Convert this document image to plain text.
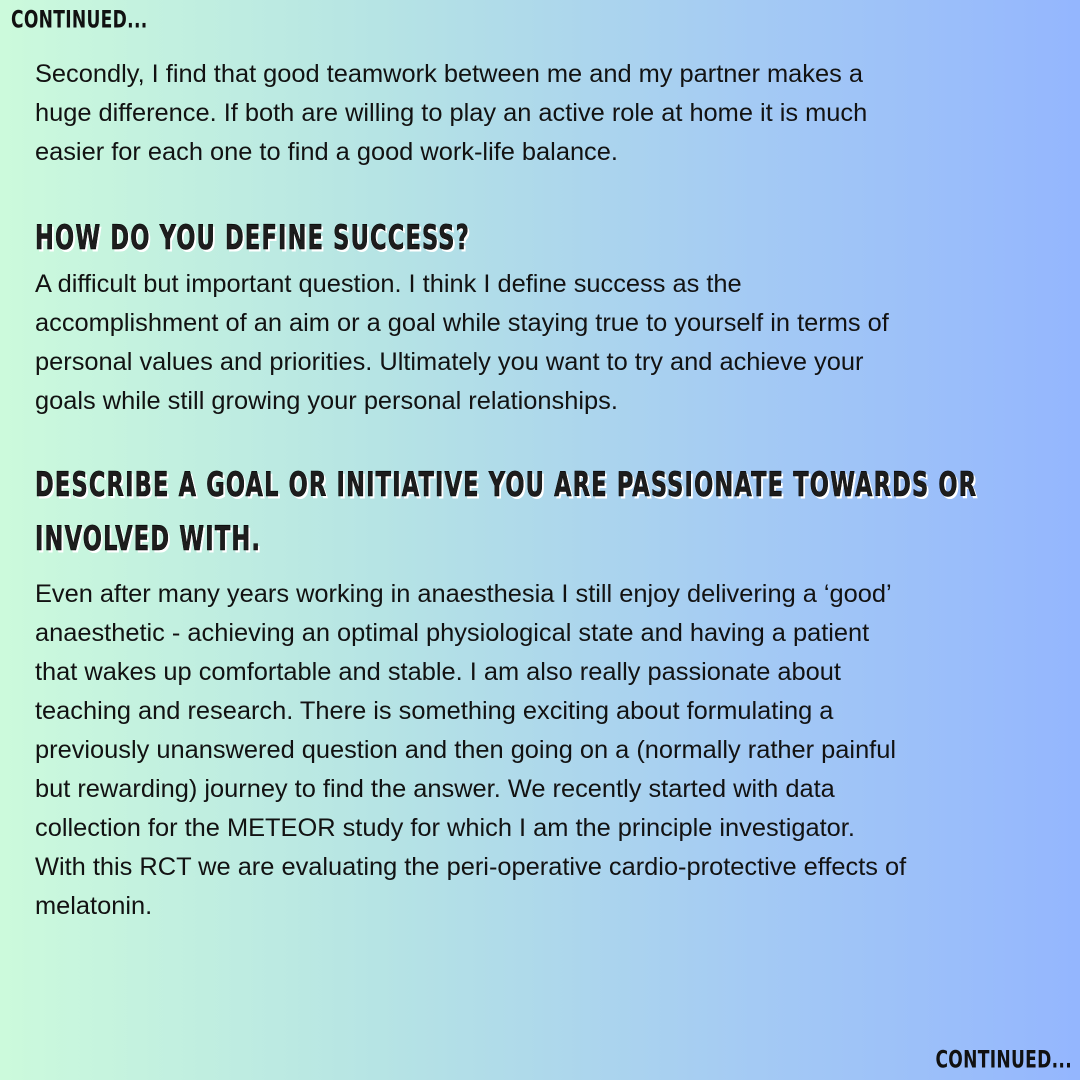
CONTINUED...

Secondly, I find that good teamwork between me and my partner makes a
huge difference. If both are willing to play an active role at home it is much
easier for each one to find a good work-life balance.

HOW DO YOU DEFINE SUCCESS?

A difficult but important question. I think I define success as the
accomplishment of an aim or a goal while staying true to yourself in terms of
personal values and priorities. Ultimately you want to try and achieve your
goals while still growing your personal relationships.

DESCRIBE A GOAL OR INITIATIVE YOU ARE PASSIONATE TOWARDS OR
INVOLVED WITH.

Even after many years working in anaesthesia I still enjoy delivering a ‘good’
anaesthetic - achieving an optimal physiological state and having a patient
that wakes up comfortable and stable. I am also really passionate about
teaching and research. There is something exciting about formulating a
previously unanswered question and then going on a (normally rather painful
but rewarding) journey to find the answer. We recently started with data
collection for the METEOR study for which I am the principle investigator.
With this RCT we are evaluating the peri-operative cardio-protective effects of
melatonin.

CONTINUED...
